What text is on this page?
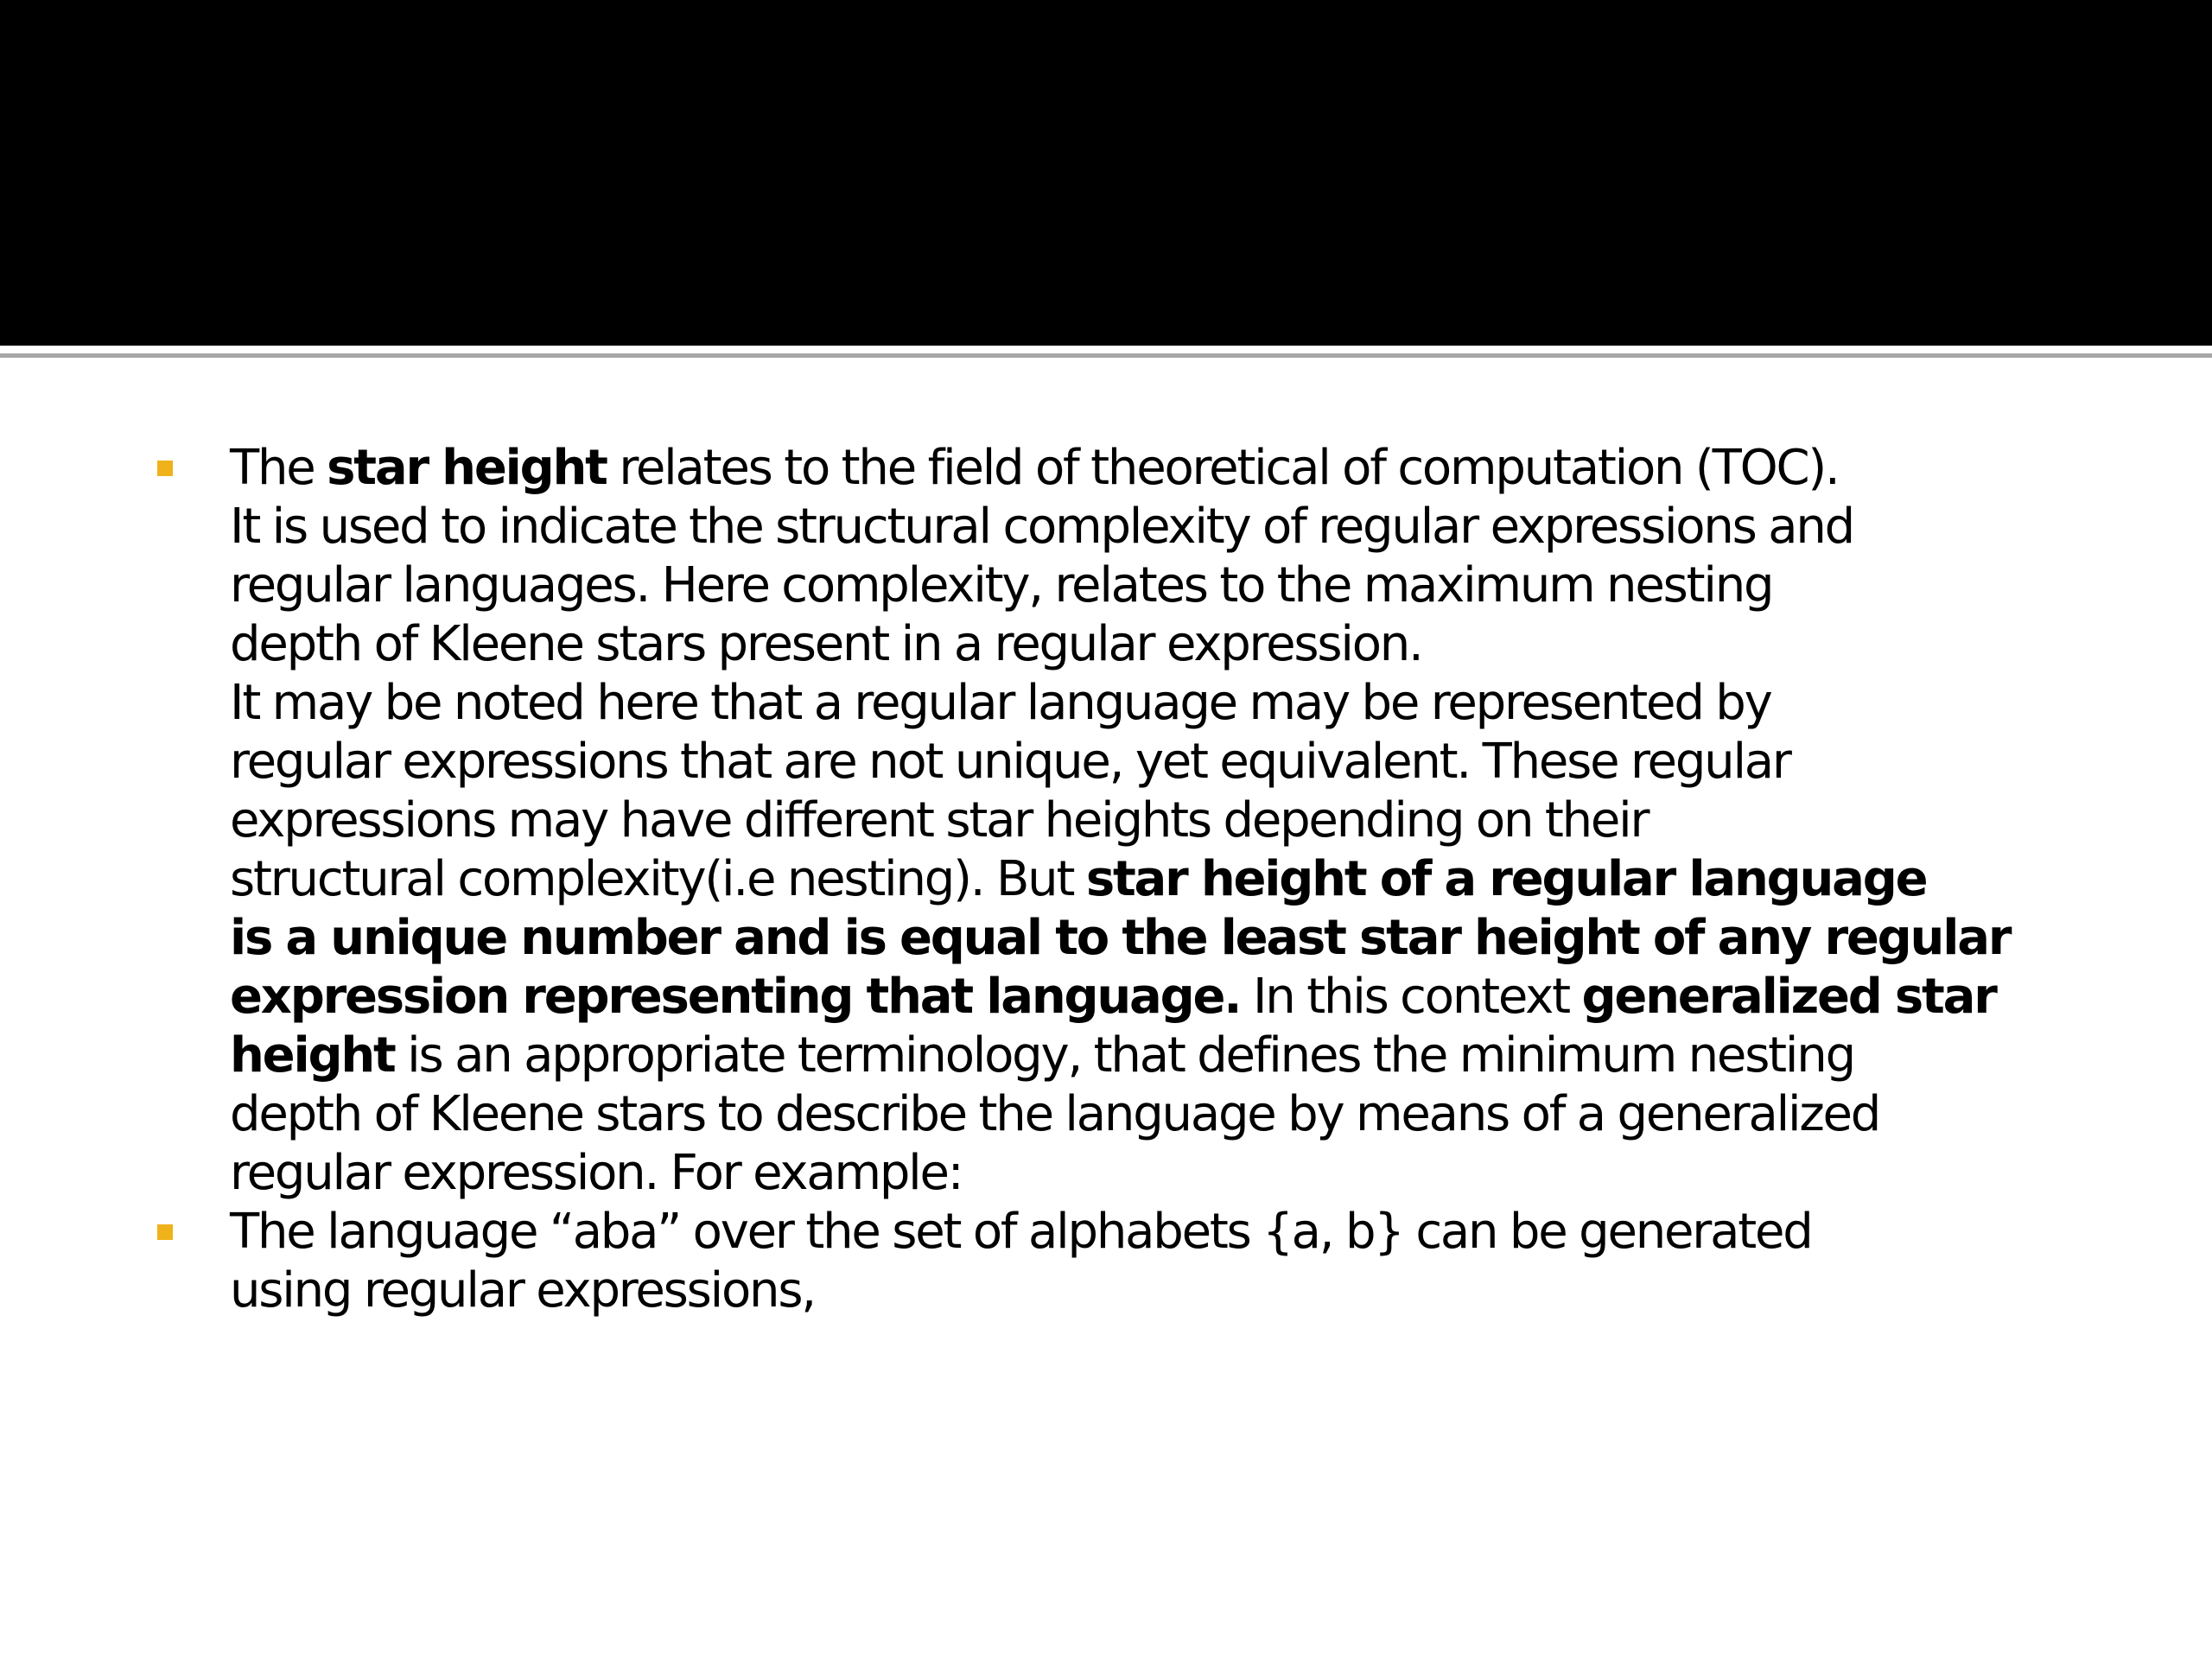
The star height relates to the field of theoretical of computation (TOC).
It is used to indicate the structural complexity of regular expressions and
regular languages. Here complexity, relates to the maximum nesting
depth of Kleene stars present in a regular expression.
It may be noted here that a regular language may be represented by
regular expressions that are not unique, yet equivalent. These regular
expressions may have different star heights depending on their
structural complexity(i.e nesting). But star height of a regular language
is a unique number and is equal to the least star height of any regular
expression representing that language. In this context generalized star
height is an appropriate terminology, that defines the minimum nesting
depth of Kleene stars to describe the language by means of a generalized
regular expression. For example:
The language “aba” over the set of alphabets {a, b} can be generated
using regular expressions,
